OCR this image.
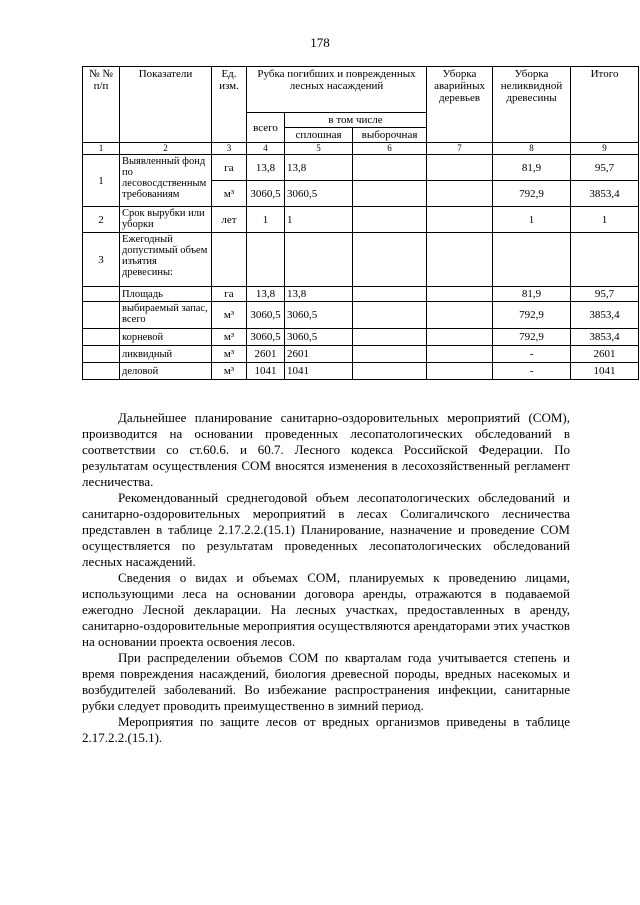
178
№ № п/п	Показатели	Ед. изм.	Рубка погибших и поврежденных лесных насаждений			Уборка аварийных деревьев	Уборка неликвидной древесины	Итого
			всего	в том числе				
				сплошная	выборочная			
1	2	3	4	5	6	7	8	9
1	Выявленный фонд по лесовосдственным требованиям	га	13,8	13,8			81,9	95,7
		м³	3060,5	3060,5			792,9	3853,4
2	Срок вырубки или уборки	лет	1	1			1	1
3	Ежегодный допустимый объем изъятия древесины:							
	Площадь	га	13,8	13,8			81,9	95,7
	выбираемый запас, всего	м³	3060,5	3060,5			792,9	3853,4
	корневой	м³	3060,5	3060,5			792,9	3853,4
	ликвидный	м³	2601	2601			-	2601
	деловой	м³	1041	1041			-	1041

Дальнейшее планирование санитарно-оздоровительных мероприятий (СОМ), производится на основании проведенных лесопатологических обследований в соответствии со ст.60.6. и 60.7. Лесного кодекса Российской Федерации. По результатам осуществления СОМ вносятся изменения в лесохозяйственный регламент лесничества.

Рекомендованный среднегодовой объем лесопатологических обследований и санитарно-оздоровительных мероприятий в лесах Солигаличского лесничества представлен в таблице 2.17.2.2.(15.1) Планирование, назначение и проведение СОМ осуществляется по результатам проведенных лесопатологических обследований лесных насаждений.

Сведения о видах и объемах СОМ, планируемых к проведению лицами, использующими леса на основании договора аренды, отражаются в подаваемой ежегодно Лесной декларации. На лесных участках, предоставленных в аренду, санитарно-оздоровительные мероприятия осуществляются арендаторами этих участков на основании проекта освоения лесов.

При распределении объемов СОМ по кварталам года учитывается степень и время повреждения насаждений, биология древесной породы, вредных насекомых и возбудителей заболеваний. Во избежание распространения инфекции, санитарные рубки следует проводить преимущественно в зимний период.

Мероприятия по защите лесов от вредных организмов приведены в таблице 2.17.2.2.(15.1).
